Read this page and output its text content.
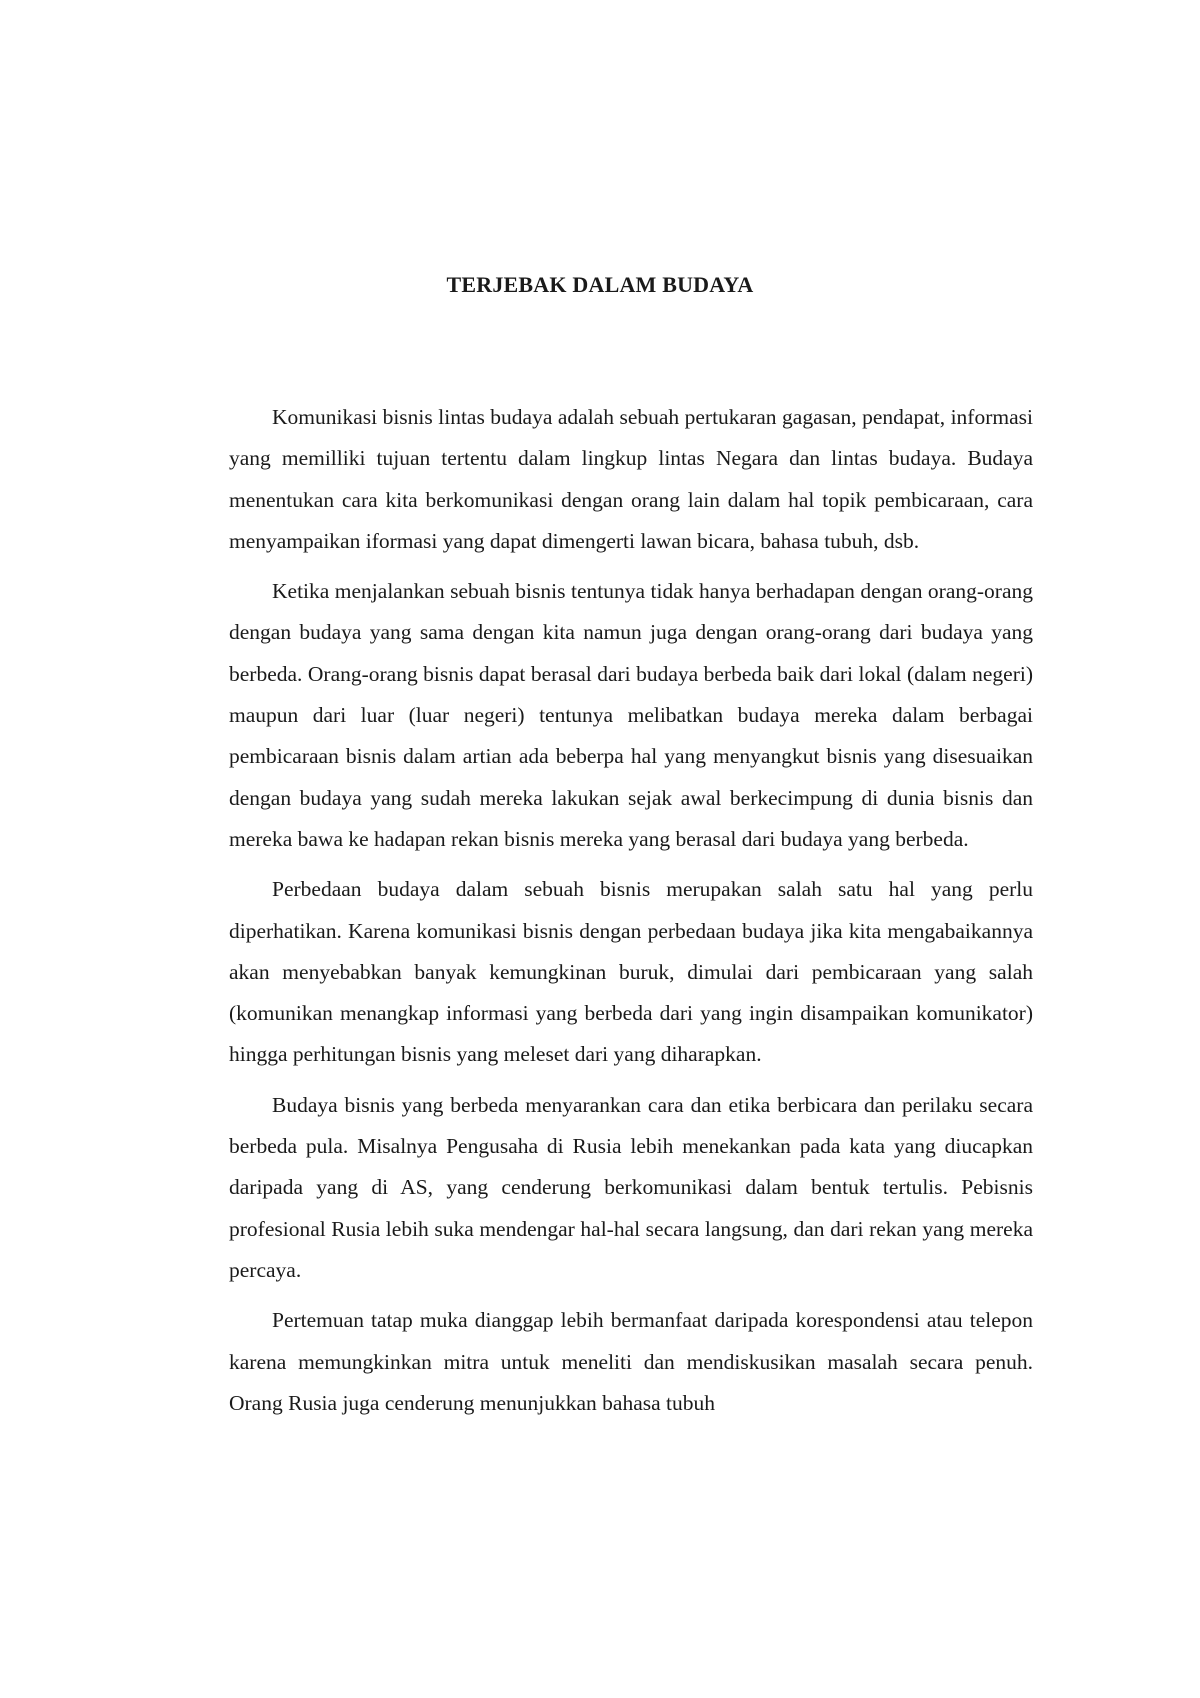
TERJEBAK DALAM BUDAYA

Komunikasi bisnis lintas budaya adalah sebuah pertukaran gagasan, pendapat, informasi yang memilliki tujuan tertentu dalam lingkup lintas Negara dan lintas budaya. Budaya menentukan cara kita berkomunikasi dengan orang lain dalam hal topik pembicaraan, cara menyampaikan iformasi yang dapat dimengerti lawan bicara, bahasa tubuh, dsb.

Ketika menjalankan sebuah bisnis tentunya tidak hanya berhadapan dengan orang-orang dengan budaya yang sama dengan kita namun juga dengan orang-orang dari budaya yang berbeda. Orang-orang bisnis dapat berasal dari budaya berbeda baik dari lokal (dalam negeri) maupun dari luar (luar negeri) tentunya melibatkan budaya mereka dalam berbagai pembicaraan bisnis dalam artian ada beberpa hal yang menyangkut bisnis yang disesuaikan dengan budaya yang sudah mereka lakukan sejak awal berkecimpung di dunia bisnis dan mereka bawa ke hadapan rekan bisnis mereka yang berasal dari budaya yang berbeda.

Perbedaan budaya dalam sebuah bisnis merupakan salah satu hal yang perlu diperhatikan. Karena komunikasi bisnis dengan perbedaan budaya jika kita mengabaikannya akan menyebabkan banyak kemungkinan buruk, dimulai dari pembicaraan yang salah (komunikan menangkap informasi yang berbeda dari yang ingin disampaikan komunikator) hingga perhitungan bisnis yang meleset dari yang diharapkan.

Budaya bisnis yang berbeda menyarankan cara dan etika berbicara dan perilaku secara berbeda pula. Misalnya Pengusaha di Rusia lebih menekankan pada kata yang diucapkan daripada yang di AS, yang cenderung berkomunikasi dalam bentuk tertulis. Pebisnis profesional Rusia lebih suka mendengar hal-hal secara langsung, dan dari rekan yang mereka percaya.

Pertemuan tatap muka dianggap lebih bermanfaat daripada korespondensi atau telepon karena memungkinkan mitra untuk meneliti dan mendiskusikan masalah secara penuh. Orang Rusia juga cenderung menunjukkan bahasa tubuh
